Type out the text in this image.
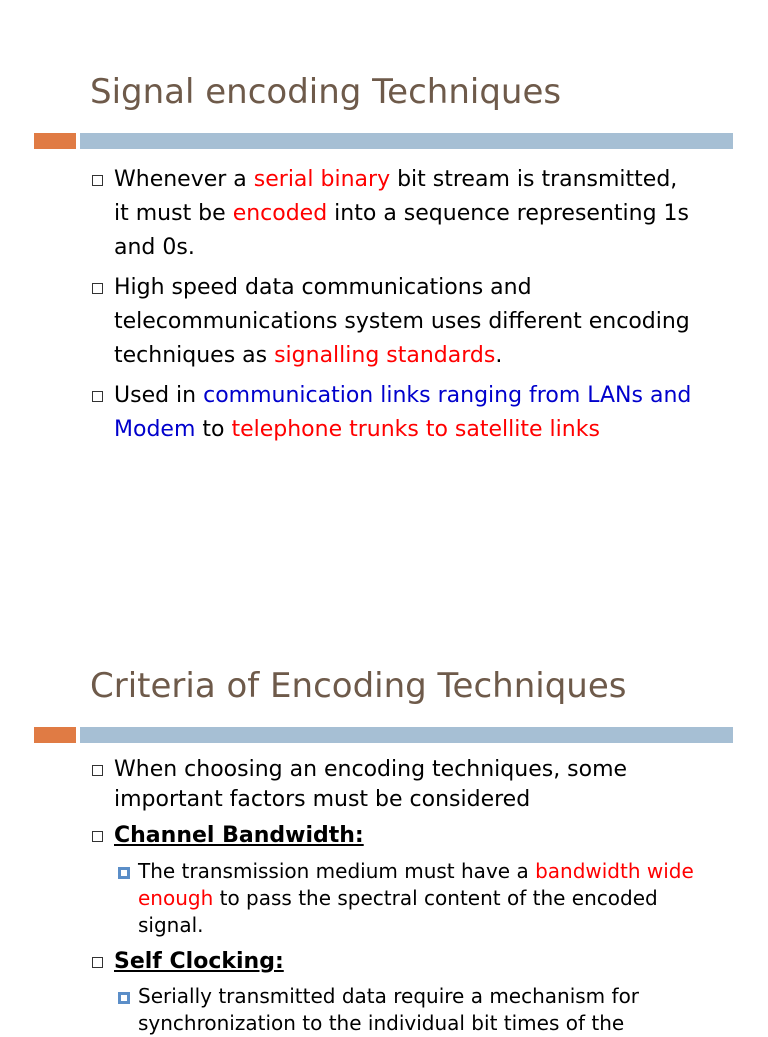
Signal encoding Techniques
Whenever a serial binary bit stream is transmitted, it must be encoded into a sequence representing 1s and 0s.
High speed data communications and telecommunications system uses different encoding techniques as signalling standards.
Used in communication links ranging from LANs and Modem to telephone trunks to satellite links
Criteria of Encoding Techniques
When choosing an encoding techniques, some important factors must be considered
Channel Bandwidth:
The transmission medium must have a bandwidth wide enough to pass the spectral content of the encoded signal.
Self Clocking:
Serially transmitted data require a mechanism for synchronization to the individual bit times of the
